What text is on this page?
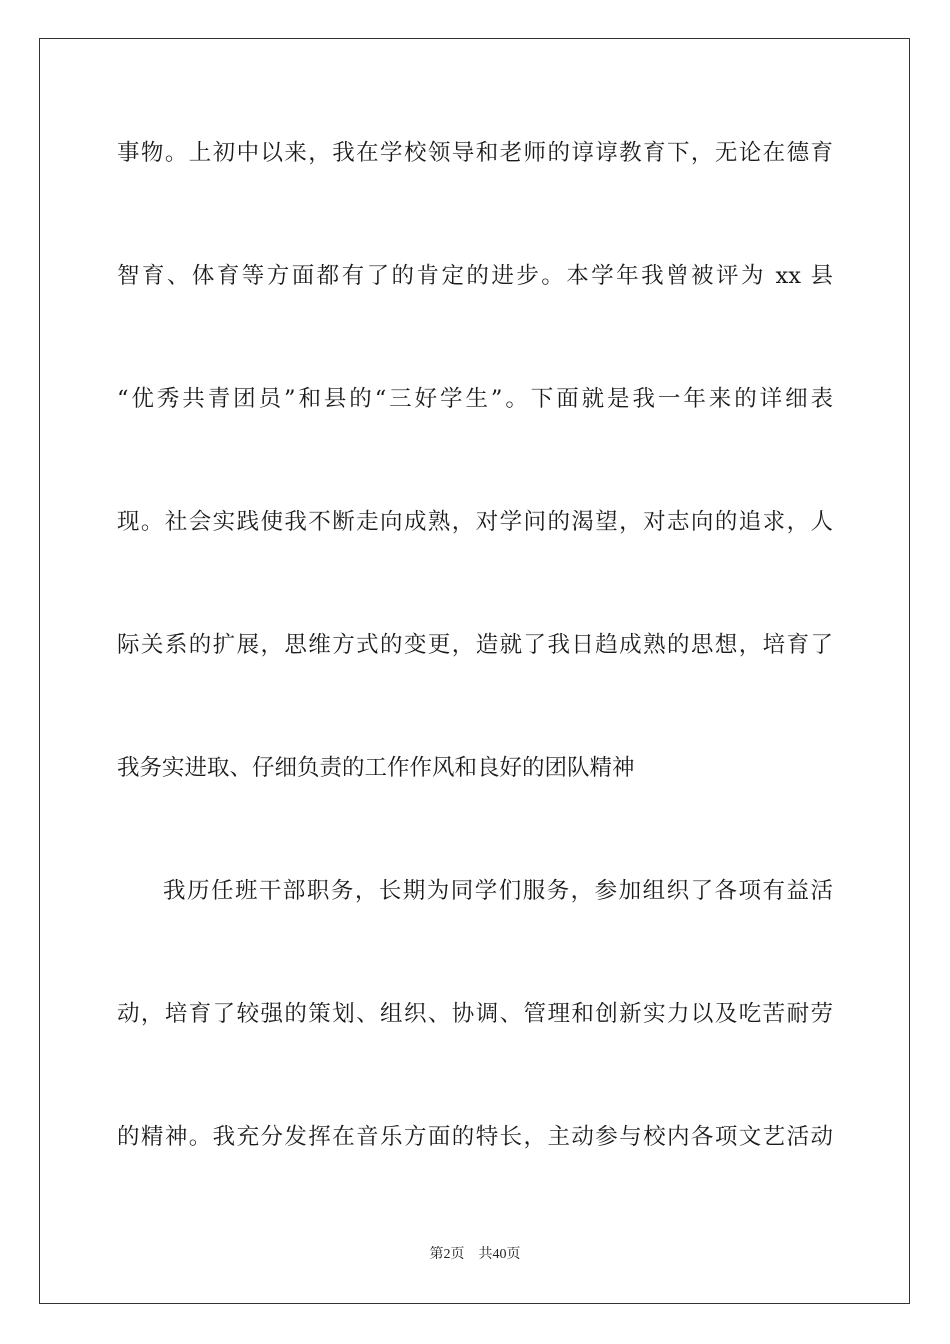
事物。上初中以来，我在学校领导和老师的谆谆教育下，无论在德育
智育、体育等方面都有了的肯定的进步。本学年我曾被评为 xx 县
“优秀共青团员”和县的“三好学生”。下面就是我一年来的详细表
现。社会实践使我不断走向成熟，对学问的渴望，对志向的追求，人
际关系的扩展，思维方式的变更，造就了我日趋成熟的思想，培育了
我务实进取、仔细负责的工作作风和良好的团队精神
我历任班干部职务，长期为同学们服务，参加组织了各项有益活
动，培育了较强的策划、组织、协调、管理和创新实力以及吃苦耐劳
的精神。我充分发挥在音乐方面的特长，主动参与校内各项文艺活动
第2页 共40页
